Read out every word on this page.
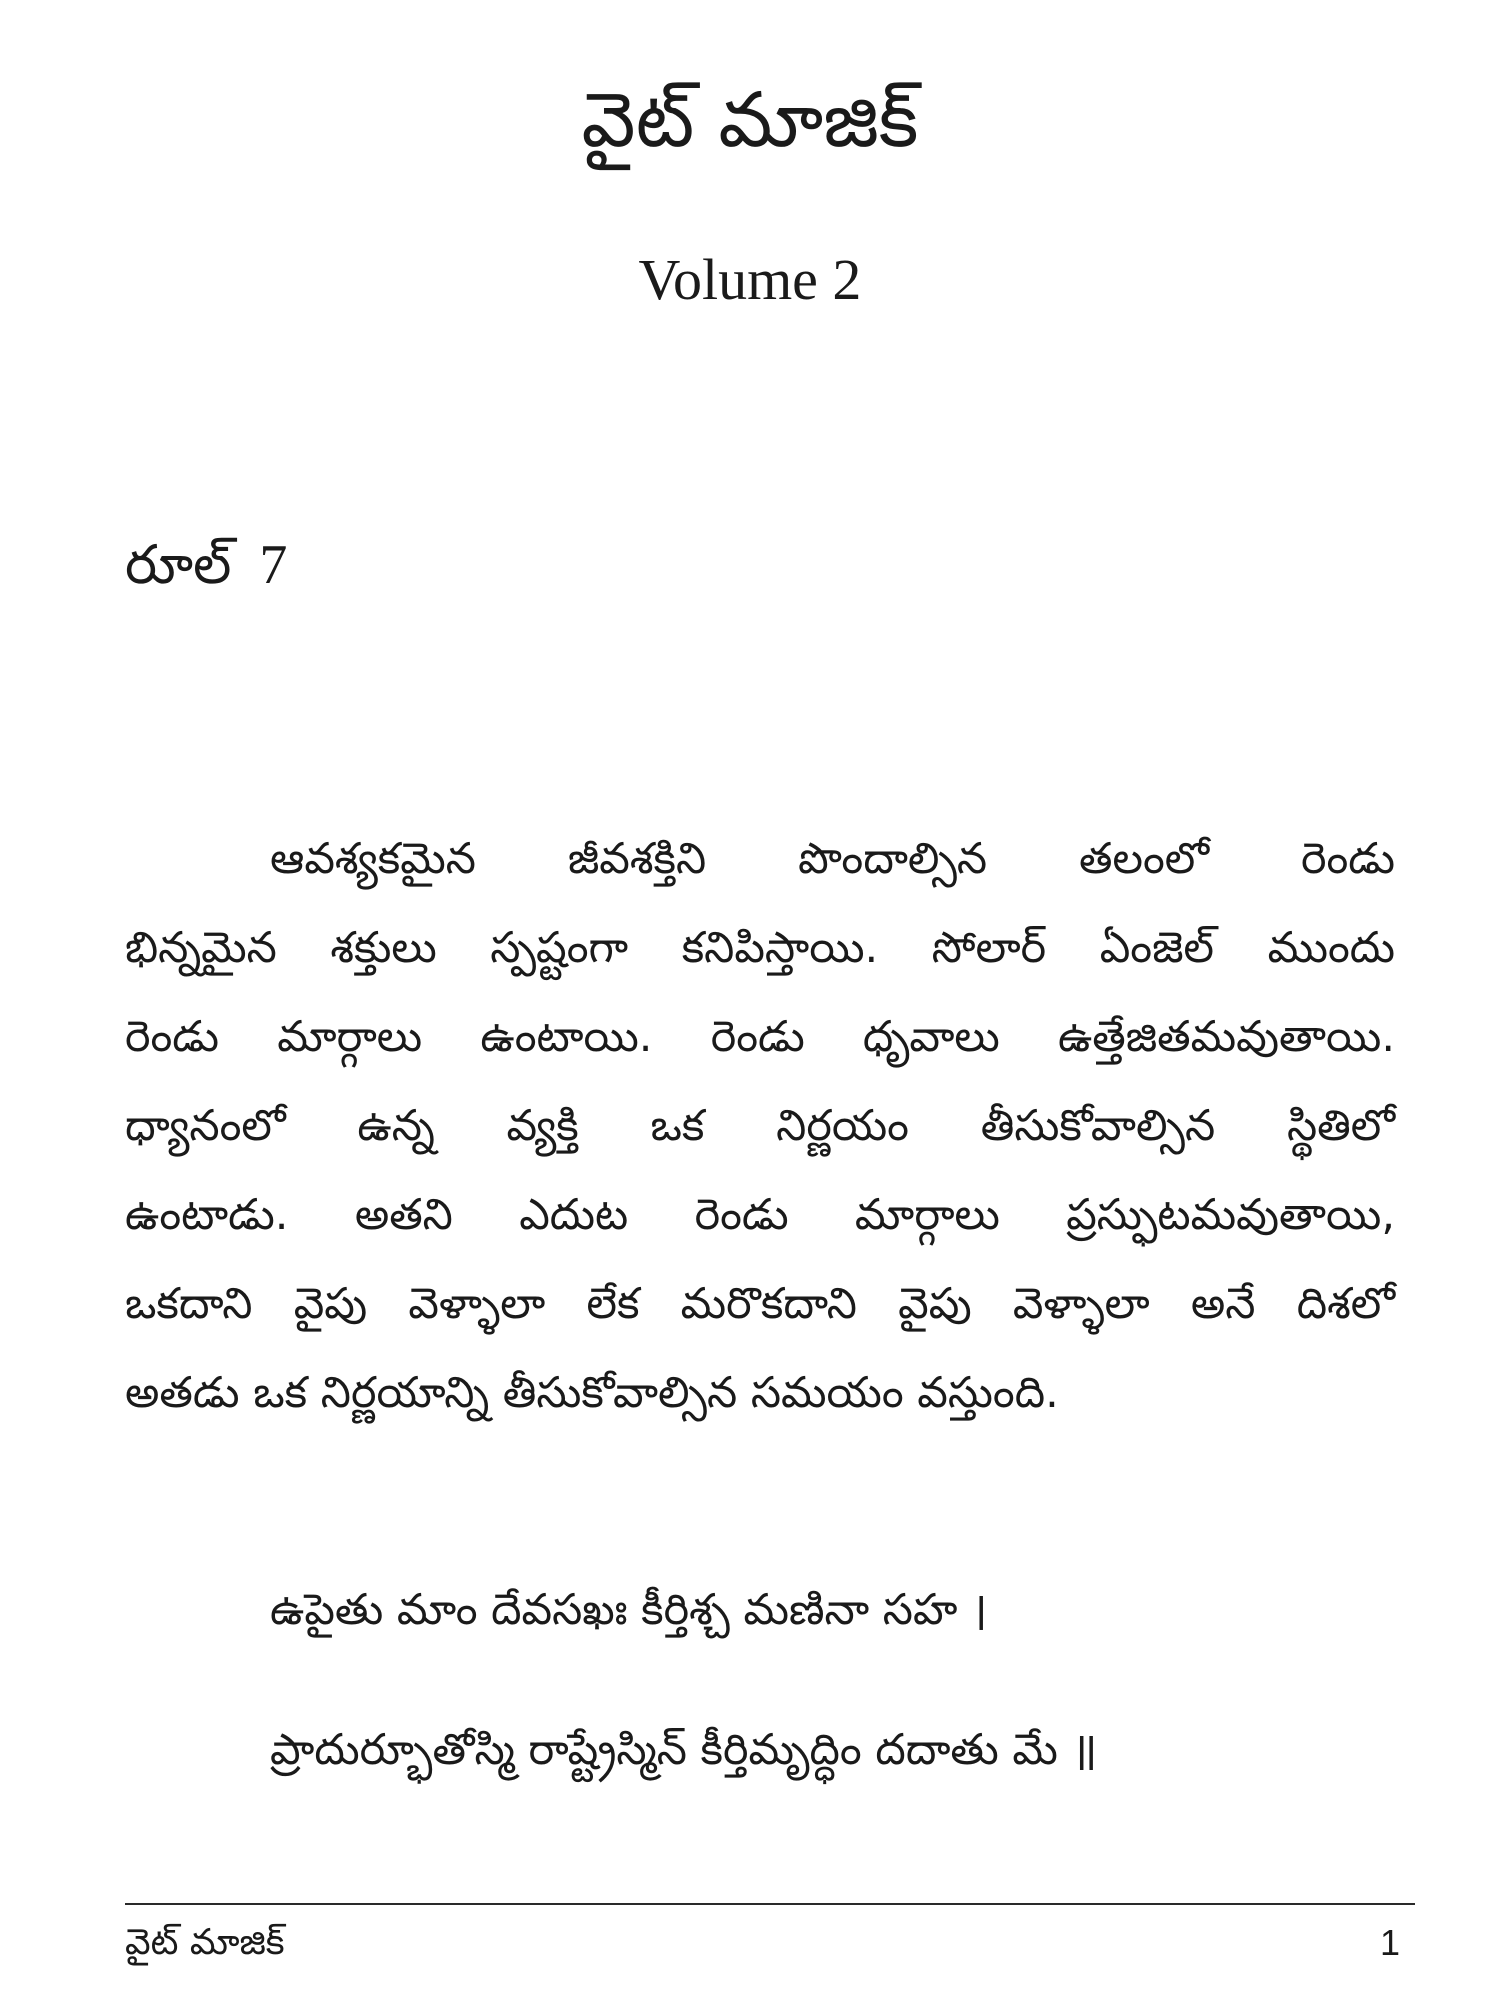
వైట్ మాజిక్
Volume 2
రూల్ 7
ఆవశ్యకమైన జీవశక్తిని పొందాల్సిన తలంలో రెండు
భిన్నమైన శక్తులు స్పష్టంగా కనిపిస్తాయి. సోలార్ ఏంజెల్ ముందు
రెండు మార్గాలు ఉంటాయి. రెండు ధృవాలు ఉత్తేజితమవుతాయి.
ధ్యానంలో ఉన్న వ్యక్తి ఒక నిర్ణయం తీసుకోవాల్సిన స్థితిలో
ఉంటాడు. అతని ఎదుట రెండు మార్గాలు ప్రస్ఫుటమవుతాయి,
ఒకదాని వైపు వెళ్ళాలా లేక మరొకదాని వైపు వెళ్ళాలా అనే దిశలో
అతడు ఒక నిర్ణయాన్ని తీసుకోవాల్సిన సమయం వస్తుంది.
ఉపైతు మాం దేవసఖః కీర్తిశ్చ మణినా సహ ।
ప్రాదుర్భూతోస్మి రాష్ట్రేస్మిన్ కీర్తిమృద్ధిం దదాతు మే ॥
వైట్ మాజిక్	1
